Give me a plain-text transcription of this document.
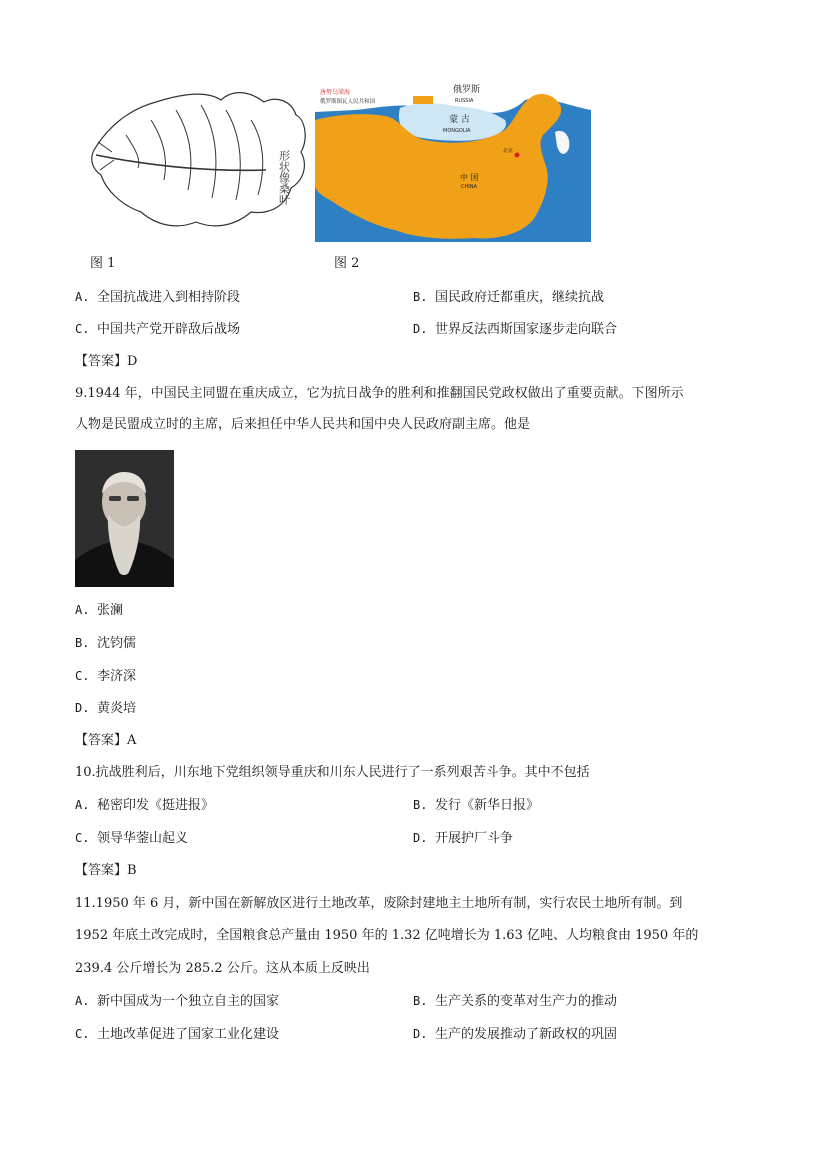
形状像桑叶
图 1
俄罗斯
RUSSIA
唐努乌梁海
俄罗斯图瓦人民共和国
蒙 古
MONGOLIA
中 国
CHINA
北京
图 2
A. 全国抗战进入到相持阶段	B. 国民政府迁都重庆，继续抗战
C. 中国共产党开辟敌后战场	D. 世界反法西斯国家逐步走向联合
【答案】D
9.1944 年，中国民主同盟在重庆成立，它为抗日战争的胜利和推翻国民党政权做出了重要贡献。下图所示
人物是民盟成立时的主席，后来担任中华人民共和国中央人民政府副主席。他是
A. 张澜
B. 沈钧儒
C. 李济深
D. 黄炎培
【答案】A
10.抗战胜利后，川东地下党组织领导重庆和川东人民进行了一系列艰苦斗争。其中不包括
A. 秘密印发《挺进报》	B. 发行《新华日报》
C. 领导华蓥山起义	D. 开展护厂斗争
【答案】B
11.1950 年 6 月，新中国在新解放区进行土地改革，废除封建地主土地所有制，实行农民土地所有制。到
1952 年底土改完成时，全国粮食总产量由 1950 年的 1.32 亿吨增长为 1.63 亿吨、人均粮食由 1950 年的
239.4 公斤增长为 285.2 公斤。这从本质上反映出
A. 新中国成为一个独立自主的国家	B. 生产关系的变革对生产力的推动
C. 土地改革促进了国家工业化建设	D. 生产的发展推动了新政权的巩固
